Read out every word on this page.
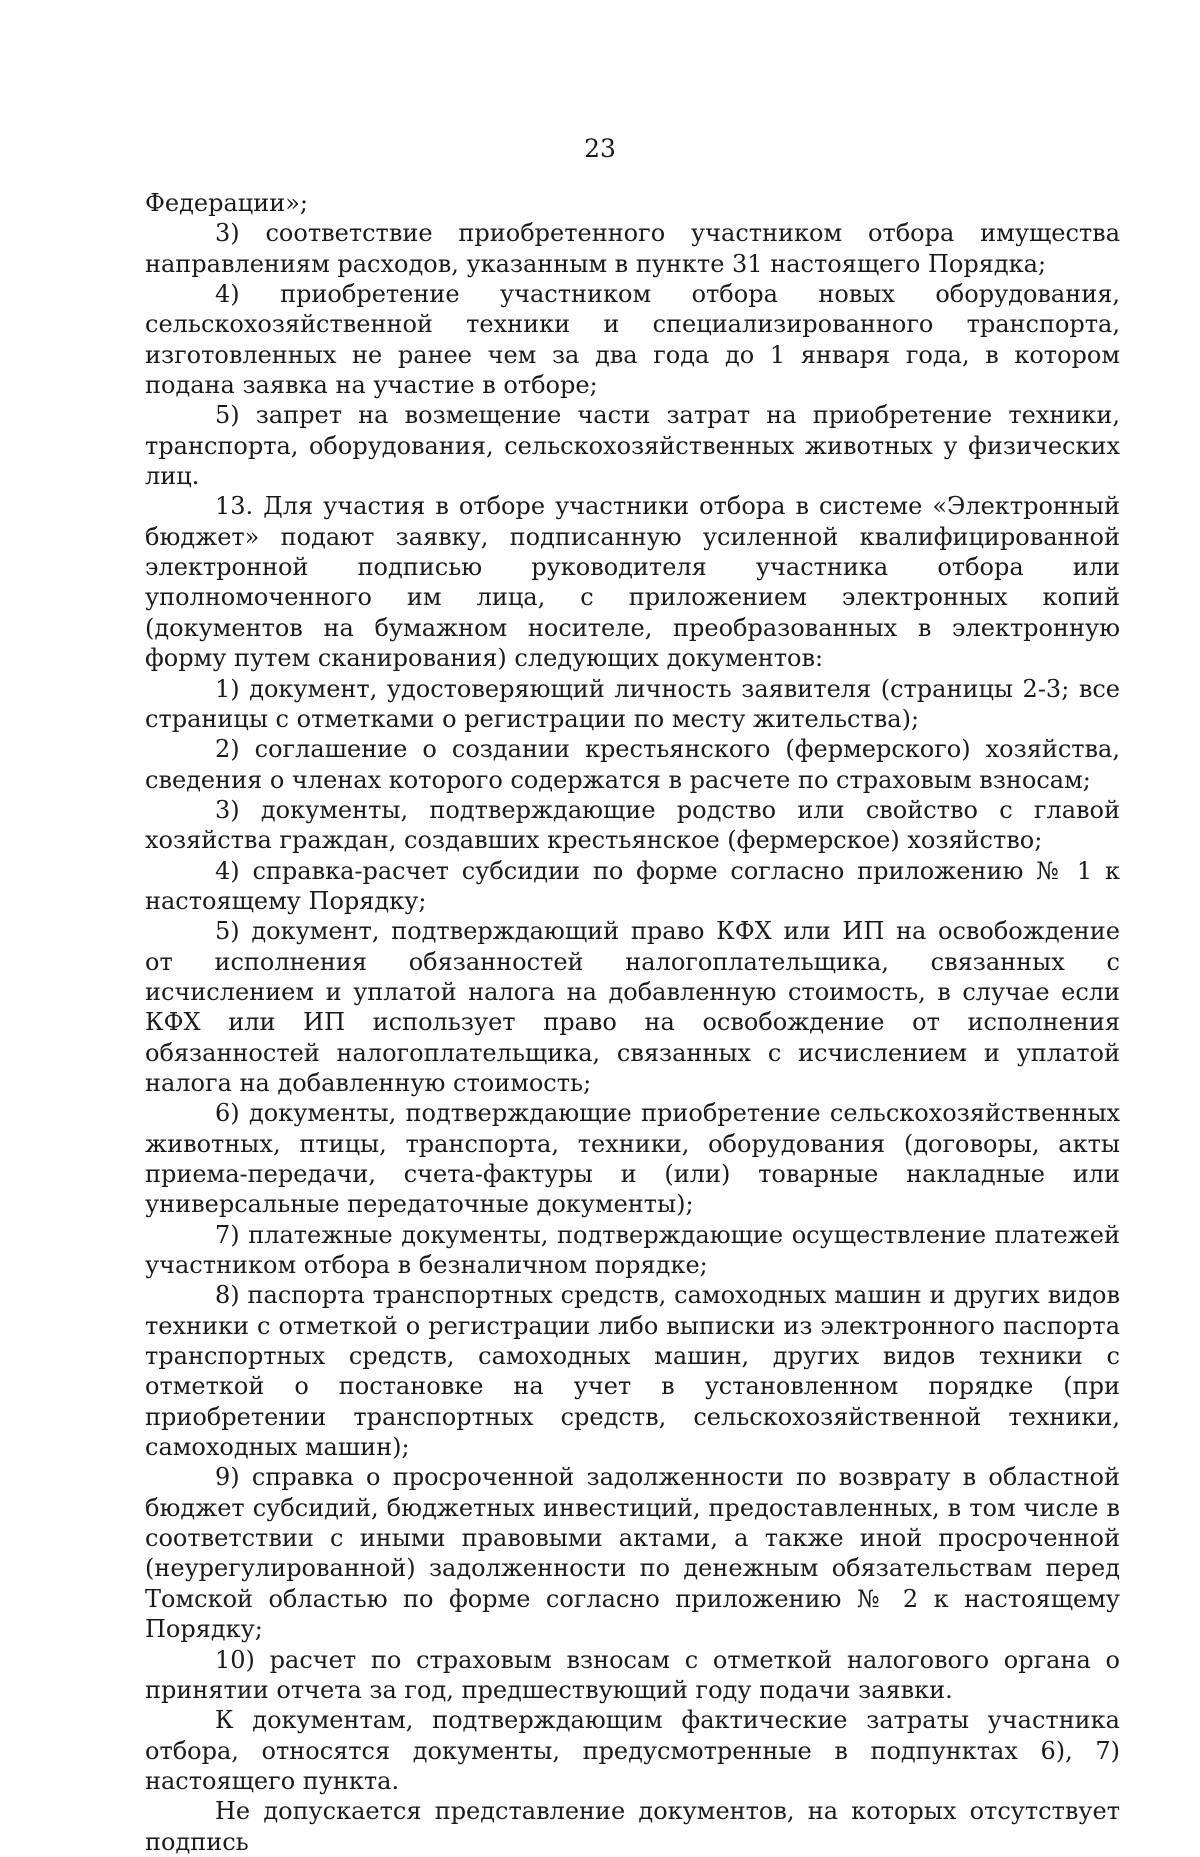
23

Федерации»;

3) соответствие приобретенного участником отбора имущества направлениям расходов, указанным в пункте 31 настоящего Порядка;

4) приобретение участником отбора новых оборудования, сельскохозяйственной техники и специализированного транспорта, изготовленных не ранее чем за два года до 1 января года, в котором подана заявка на участие в отборе;

5) запрет на возмещение части затрат на приобретение техники, транспорта, оборудования, сельскохозяйственных животных у физических лиц.

13. Для участия в отборе участники отбора в системе «Электронный бюджет» подают заявку, подписанную усиленной квалифицированной электронной подписью руководителя участника отбора или уполномоченного им лица, с приложением электронных копий (документов на бумажном носителе, преобразованных в электронную форму путем сканирования) следующих документов:

1) документ, удостоверяющий личность заявителя (страницы 2-3; все страницы с отметками о регистрации по месту жительства);

2) соглашение о создании крестьянского (фермерского) хозяйства, сведения о членах которого содержатся в расчете по страховым взносам;

3) документы, подтверждающие родство или свойство с главой хозяйства граждан, создавших крестьянское (фермерское) хозяйство;

4) справка-расчет субсидии по форме согласно приложению № 1 к настоящему Порядку;

5) документ, подтверждающий право КФХ или ИП на освобождение от исполнения обязанностей налогоплательщика, связанных с исчислением и уплатой налога на добавленную стоимость, в случае если КФХ или ИП использует право на освобождение от исполнения обязанностей налогоплательщика, связанных с исчислением и уплатой налога на добавленную стоимость;

6) документы, подтверждающие приобретение сельскохозяйственных животных, птицы, транспорта, техники, оборудования (договоры, акты приема-передачи, счета-фактуры и (или) товарные накладные или универсальные передаточные документы);

7) платежные документы, подтверждающие осуществление платежей участником отбора в безналичном порядке;

8) паспорта транспортных средств, самоходных машин и других видов техники с отметкой о регистрации либо выписки из электронного паспорта транспортных средств, самоходных машин, других видов техники с отметкой о постановке на учет в установленном порядке (при приобретении транспортных средств, сельскохозяйственной техники, самоходных машин);

9) справка о просроченной задолженности по возврату в областной бюджет субсидий, бюджетных инвестиций, предоставленных, в том числе в соответствии с иными правовыми актами, а также иной просроченной (неурегулированной) задолженности по денежным обязательствам перед Томской областью по форме согласно приложению № 2 к настоящему Порядку;

10) расчет по страховым взносам с отметкой налогового органа о принятии отчета за год, предшествующий году подачи заявки.

К документам, подтверждающим фактические затраты участника отбора, относятся документы, предусмотренные в подпунктах 6), 7) настоящего пункта.

Не допускается представление документов, на которых отсутствует подпись
